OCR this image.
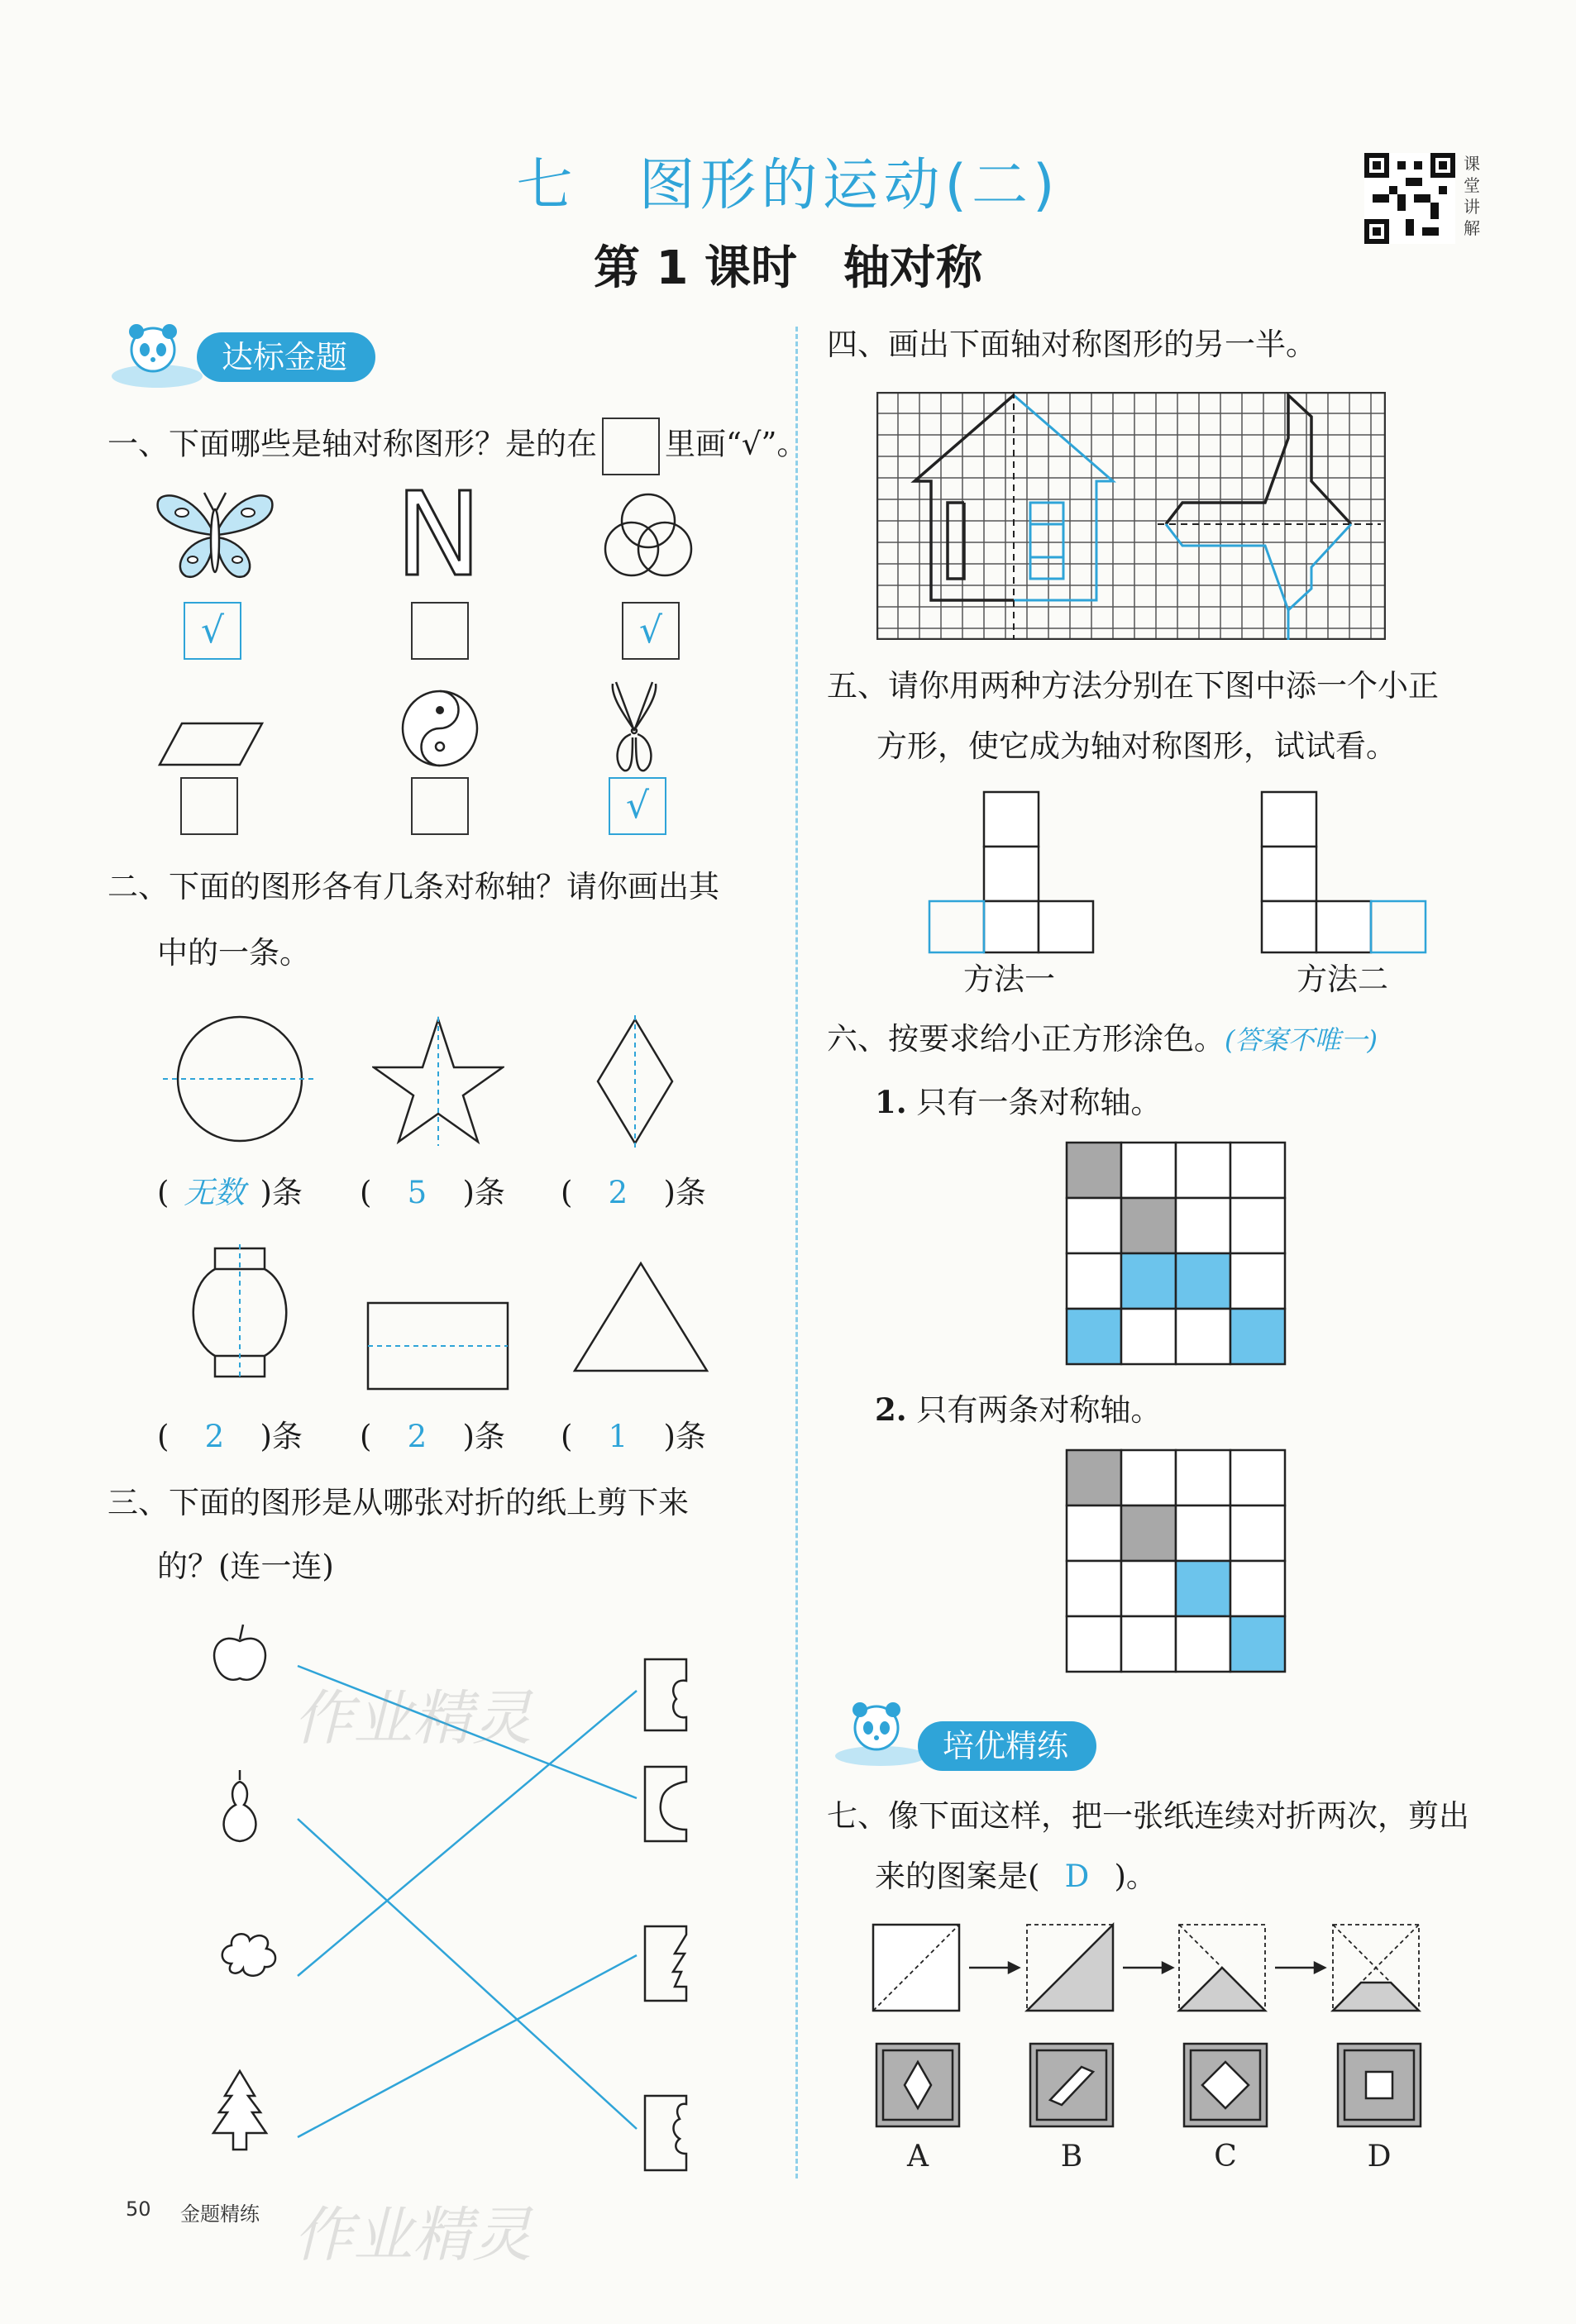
七　图形的运动(二)
第 1 课时　轴对称
课堂讲解
达标金题
一、下面哪些是轴对称图形？是的在 里画“√”。
√
N
√
√
二、下面的图形各有几条对称轴？请你画出其
中的一条。
( 无数 )条	( 5 )条	( 2 )条
( 2 )条	( 2 )条	( 1 )条
三、下面的图形是从哪张对折的纸上剪下来
的？(连一连)
四、画出下面轴对称图形的另一半。
五、请你用两种方法分别在下图中添一个小正
方形，使它成为轴对称图形，试试看。
方法一	方法二
六、按要求给小正方形涂色。(答案不唯一)
1. 只有一条对称轴。
2. 只有两条对称轴。
培优精练
七、像下面这样，把一张纸连续对折两次，剪出
来的图案是( D )。
A	B	C	D
作业精灵
作业精灵
50 金题精练
